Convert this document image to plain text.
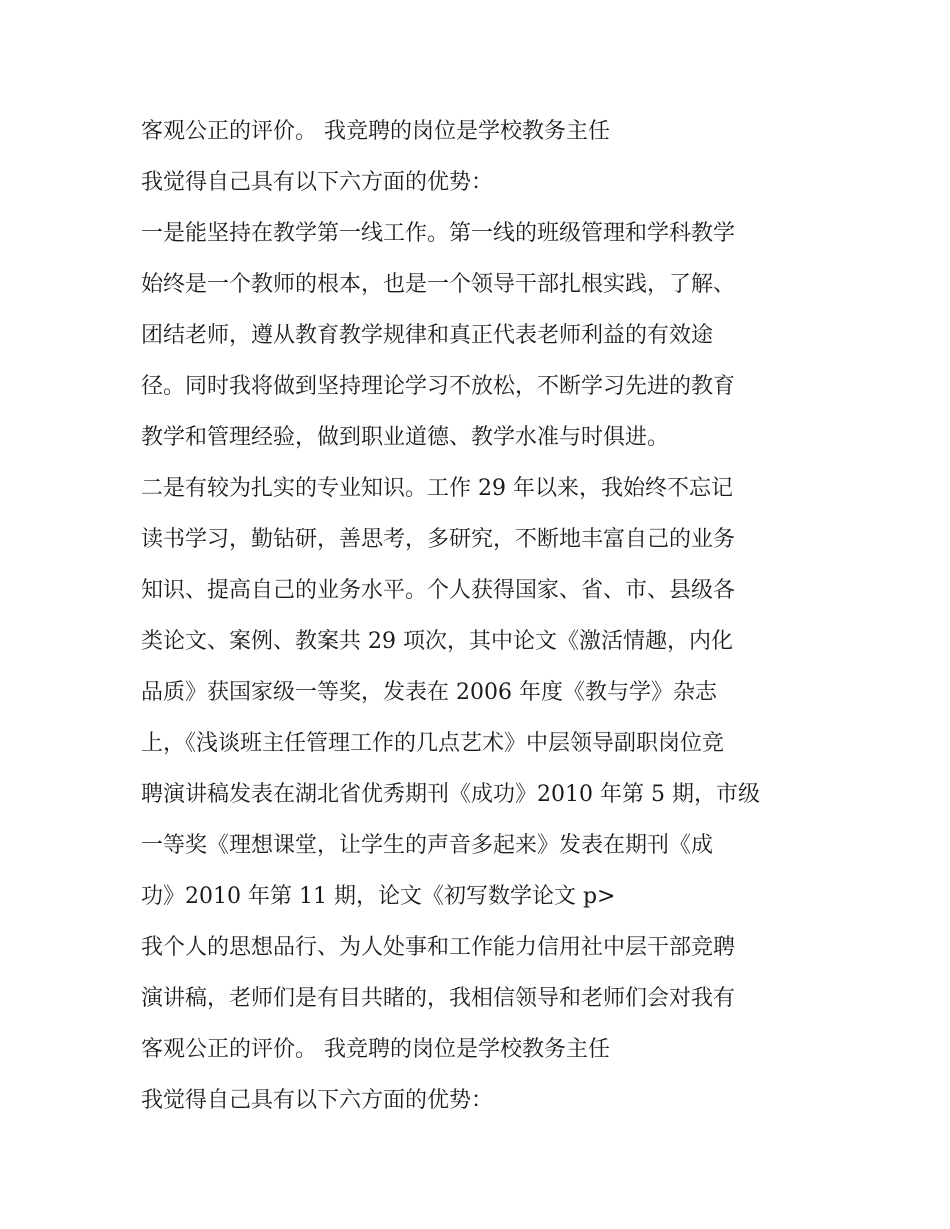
客观公正的评价。 我竞聘的岗位是学校教务主任
我觉得自己具有以下六方面的优势：
一是能坚持在教学第一线工作。第一线的班级管理和学科教学
始终是一个教师的根本，也是一个领导干部扎根实践，了解、
团结老师，遵从教育教学规律和真正代表老师利益的有效途
径。同时我将做到坚持理论学习不放松，不断学习先进的教育
教学和管理经验，做到职业道德、教学水准与时俱进。
二是有较为扎实的专业知识。工作 29 年以来，我始终不忘记
读书学习，勤钻研，善思考，多研究，不断地丰富自己的业务
知识、提高自己的业务水平。个人获得国家、省、市、县级各
类论文、案例、教案共 29 项次，其中论文《激活情趣，内化
品质》获国家级一等奖，发表在 2006 年度《教与学》杂志
上，《浅谈班主任管理工作的几点艺术》中层领导副职岗位竞
聘演讲稿发表在湖北省优秀期刊《成功》2010 年第 5 期，市级
一等奖《理想课堂，让学生的声音多起来》发表在期刊《成
功》2010 年第 11 期，论文《初写数学论文 p>
我个人的思想品行、为人处事和工作能力信用社中层干部竞聘
演讲稿，老师们是有目共睹的，我相信领导和老师们会对我有
客观公正的评价。 我竞聘的岗位是学校教务主任
我觉得自己具有以下六方面的优势：
